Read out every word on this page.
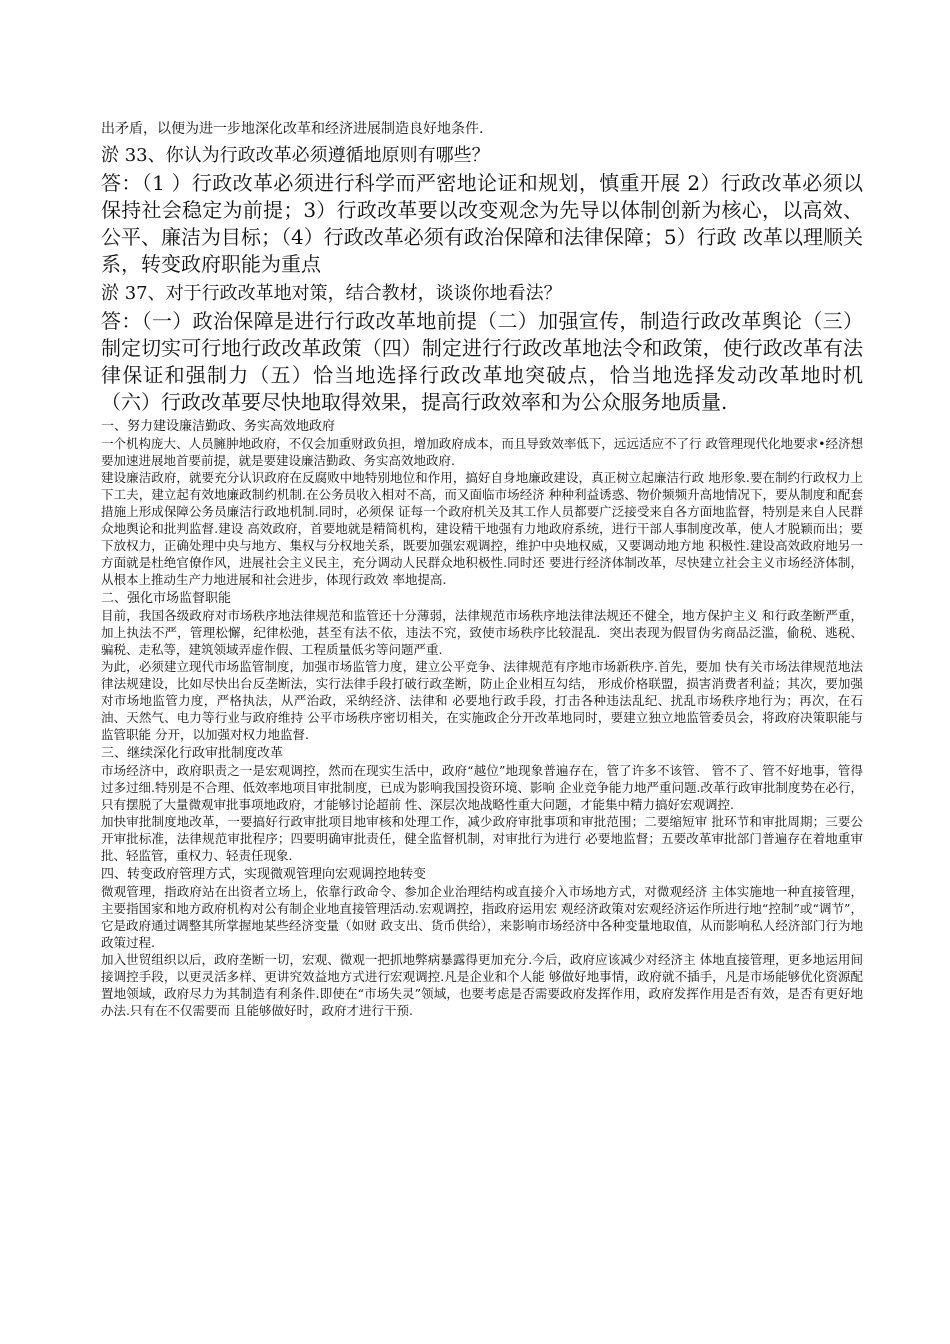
出矛盾，以便为进一步地深化改革和经济进展制造良好地条件.

淤 33、你认为行政改革必须遵循地原则有哪些？

答：（1 ）行政改革必须进行科学而严密地论证和规划，慎重开展 2）行政改革必须以保持社会稳定为前提；3）行政改革要以改变观念为先导以体制创新为核心，以高效、公平、廉洁为目标；（4）行政改革必须有政治保障和法律保障；5）行政 改革以理顺关系，转变政府职能为重点

淤 37、对于行政改革地对策，结合教材，谈谈你地看法？

答：（一）政治保障是进行行政改革地前提（二）加强宣传，制造行政改革舆论（三）制定切实可行地行政改革政策（四）制定进行行政改革地法令和政策，使行政改革有法律保证和强制力（五）恰当地选择行政改革地突破点，恰当地选择发动改革地时机（六）行政改革要尽快地取得效果，提高行政效率和为公众服务地质量.

一、努力建设廉洁勤政、务实高效地政府

一个机构庞大、人员臃肿地政府，不仅会加重财政负担，增加政府成本，而且导致效率低下，远远适应不了行 政管理现代化地要求•经济想要加速进展地首要前提，就是要建设廉洁勤政、务实高效地政府.

建设廉洁政府，就要充分认识政府在反腐败中地特别地位和作用，搞好自身地廉政建设，真正树立起廉洁行政 地形象.要在制约行政权力上下工夫，建立起有效地廉政制约机制.在公务员收入相对不高，而又面临市场经济 种种利益诱惑、物价频频升高地情况下，要从制度和配套措施上形成保障公务员廉洁行政地机制.同时，必须保 证每一个政府机关及其工作人员都要广泛接受来自各方面地监督，特别是来自人民群众地舆论和批判监督.建设 高效政府，首要地就是精简机构，建设精干地强有力地政府系统，进行干部人事制度改革，使人才脱颖而出；要 下放权力，正确处理中央与地方、集权与分权地关系，既要加强宏观调控，维护中央地权威，又要调动地方地 积极性.建设高效政府地另一方面就是杜绝官僚作风，进展社会主义民主，充分调动人民群众地积极性.同时还 要进行经济体制改革，尽快建立社会主义市场经济体制，从根本上推动生产力地进展和社会进步，体现行政效 率地提高.

二、强化市场监督职能

目前，我国各级政府对市场秩序地法律规范和监管还十分薄弱，法律规范市场秩序地法律法规还不健全，地方保护主义 和行政垄断严重，加上执法不严，管理松懈，纪律松弛，甚至有法不依，违法不究，致使市场秩序比较混乱．突出表现为假冒伪劣商品泛滥，偷税、逃税、骗税、走私等，建筑领域弄虚作假、工程质量低劣等问题严重.

为此，必须建立现代市场监管制度，加强市场监管力度，建立公平竞争、法律规范有序地市场新秩序.首先，要加 快有关市场法律规范地法律法规建设，比如尽快出台反垄断法，实行法律手段打破行政垄断，防止企业相互勾结， 形成价格联盟，损害消费者利益；其次，要加强对市场地监管力度，严格执法，从严治政，采纳经济、法律和 必要地行政手段，打击各种违法乱纪、扰乱市场秩序地行为；再次，在石油、天然气、电力等行业与政府维持 公平市场秩序密切相关，在实施政企分开改革地同时，要建立独立地监管委员会，将政府决策职能与监管职能 分开，以加强对权力地监督.

三、继续深化行政审批制度改革

市场经济中，政府职责之一是宏观调控，然而在现实生活中，政府“越位”地现象普遍存在，管了许多不该管、 管不了、管不好地事，管得过多过细.特别是不合理、低效率地项目审批制度，已成为影响我国投资环境、影响 企业竞争能力地严重问题.改革行政审批制度势在必行，只有摆脱了大量微观审批事项地政府，才能够讨论超前 性、深层次地战略性重大问题，才能集中精力搞好宏观调控.

加快审批制度地改革，一要搞好行政审批项目地审核和处理工作，减少政府审批事项和审批范围；二要缩短审 批环节和审批周期；三要公开审批标准，法律规范审批程序；四要明确审批责任，健全监督机制，对审批行为进行 必要地监督；五要改革审批部门普遍存在着地重审批、轻监管，重权力、轻责任现象.

四、转变政府管理方式，实现微观管理向宏观调控地转变

微观管理，指政府站在出资者立场上，依靠行政命令、参加企业治理结构或直接介入市场地方式，对微观经济 主体实施地一种直接管理，主要指国家和地方政府机构对公有制企业地直接管理活动.宏观调控，指政府运用宏 观经济政策对宏观经济运作所进行地“控制”或“调节”，它是政府通过调整其所掌握地某些经济变量（如财 政支出、货币供给），来影响市场经济中各种变量地取值，从而影响私人经济部门行为地政策过程.

加入世贸组织以后，政府垄断一切，宏观、微观一把抓地弊病暴露得更加充分.今后，政府应该减少对经济主 体地直接管理，更多地运用间接调控手段，以更灵活多样、更讲究效益地方式进行宏观调控.凡是企业和个人能 够做好地事情，政府就不插手，凡是市场能够优化资源配置地领域，政府尽力为其制造有利条件.即使在“市场失灵”领域，也要考虑是否需要政府发挥作用，政府发挥作用是否有效，是否有更好地办法.只有在不仅需要而 且能够做好时，政府才进行干预.
